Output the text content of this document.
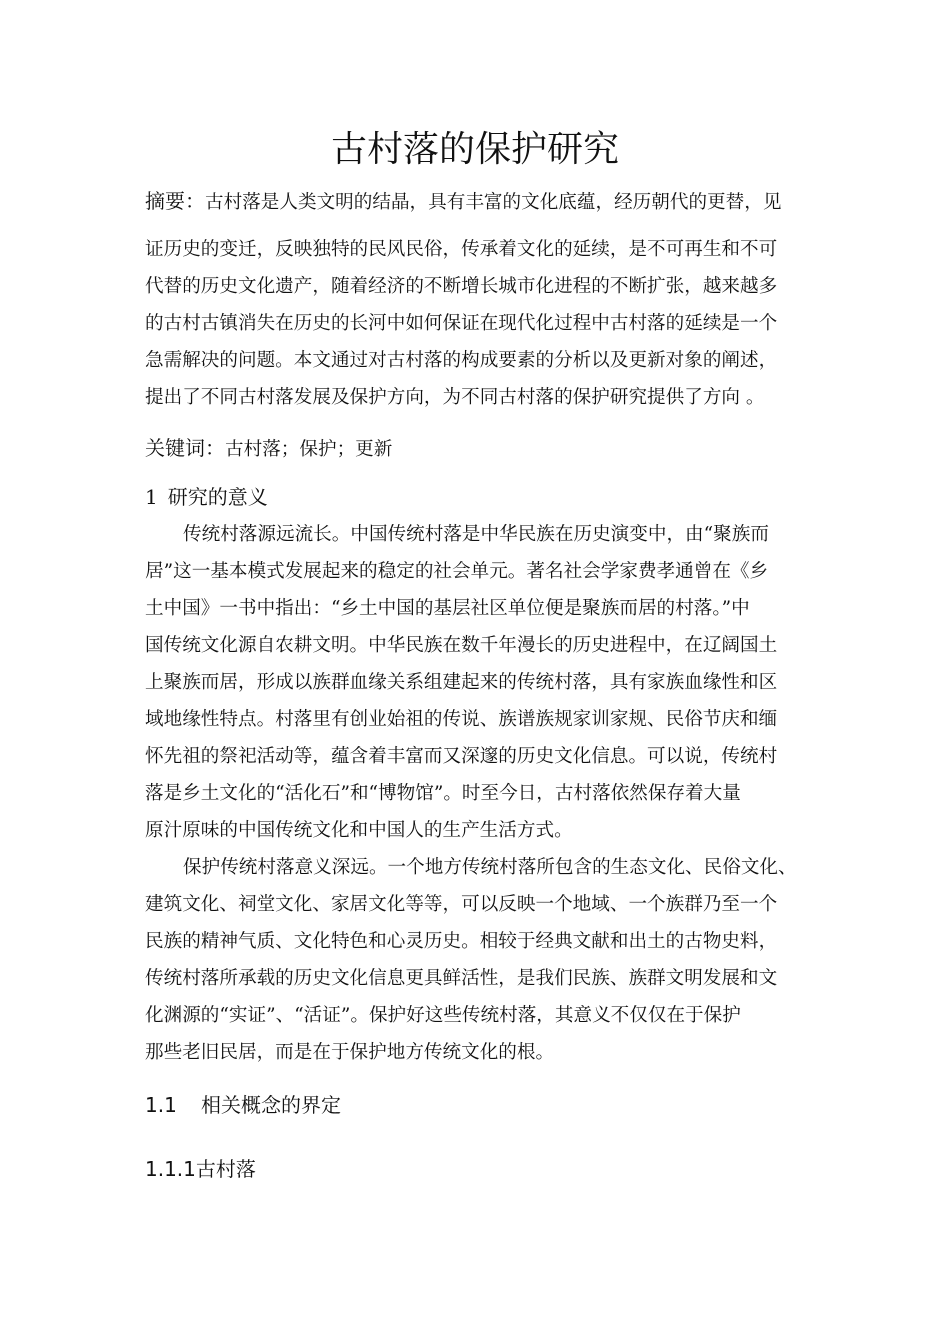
古村落的保护研究
摘要：古村落是人类文明的结晶，具有丰富的文化底蕴，经历朝代的更替，见
证历史的变迁，反映独特的民风民俗，传承着文化的延续，是不可再生和不可
代替的历史文化遗产，随着经济的不断增长城市化进程的不断扩张，越来越多
的古村古镇消失在历史的长河中如何保证在现代化过程中古村落的延续是一个
急需解决的问题。本文通过对古村落的构成要素的分析以及更新对象的阐述，
提出了不同古村落发展及保护方向，为不同古村落的保护研究提供了方向 。
关键词：古村落；保护；更新
1 研究的意义
传统村落源远流长。中国传统村落是中华民族在历史演变中，由“聚族而
居”这一基本模式发展起来的稳定的社会单元。著名社会学家费孝通曾在《乡
土中国》一书中指出：“乡土中国的基层社区单位便是聚族而居的村落。”中
国传统文化源自农耕文明。中华民族在数千年漫长的历史进程中，在辽阔国土
上聚族而居，形成以族群血缘关系组建起来的传统村落，具有家族血缘性和区
域地缘性特点。村落里有创业始祖的传说、族谱族规家训家规、民俗节庆和缅
怀先祖的祭祀活动等，蕴含着丰富而又深邃的历史文化信息。可以说，传统村
落是乡土文化的“活化石”和“博物馆”。时至今日，古村落依然保存着大量
原汁原味的中国传统文化和中国人的生产生活方式。
保护传统村落意义深远。一个地方传统村落所包含的生态文化、民俗文化、
建筑文化、祠堂文化、家居文化等等，可以反映一个地域、一个族群乃至一个
民族的精神气质、文化特色和心灵历史。相较于经典文献和出土的古物史料，
传统村落所承载的历史文化信息更具鲜活性，是我们民族、族群文明发展和文
化渊源的“实证”、“活证”。保护好这些传统村落，其意义不仅仅在于保护
那些老旧民居，而是在于保护地方传统文化的根。
1.1 相关概念的界定
1.1.1古村落
